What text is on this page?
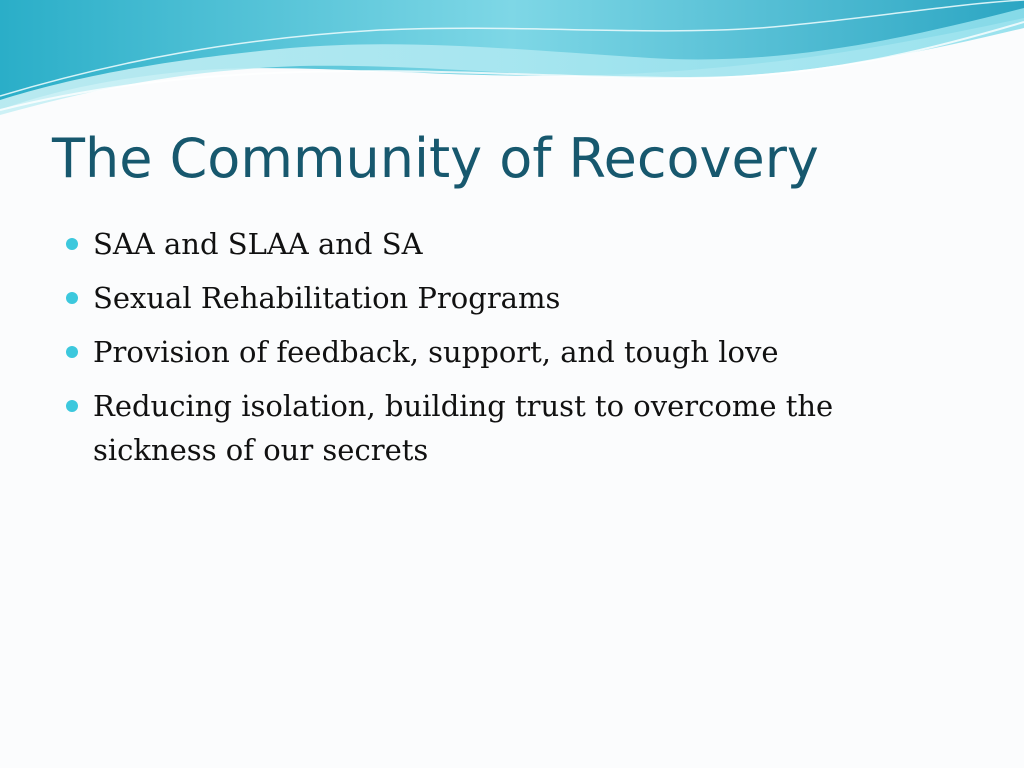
The Community of Recovery
SAA and SLAA and SA
Sexual Rehabilitation Programs
Provision of feedback, support, and tough love
Reducing isolation, building trust to overcome the sickness of our secrets
